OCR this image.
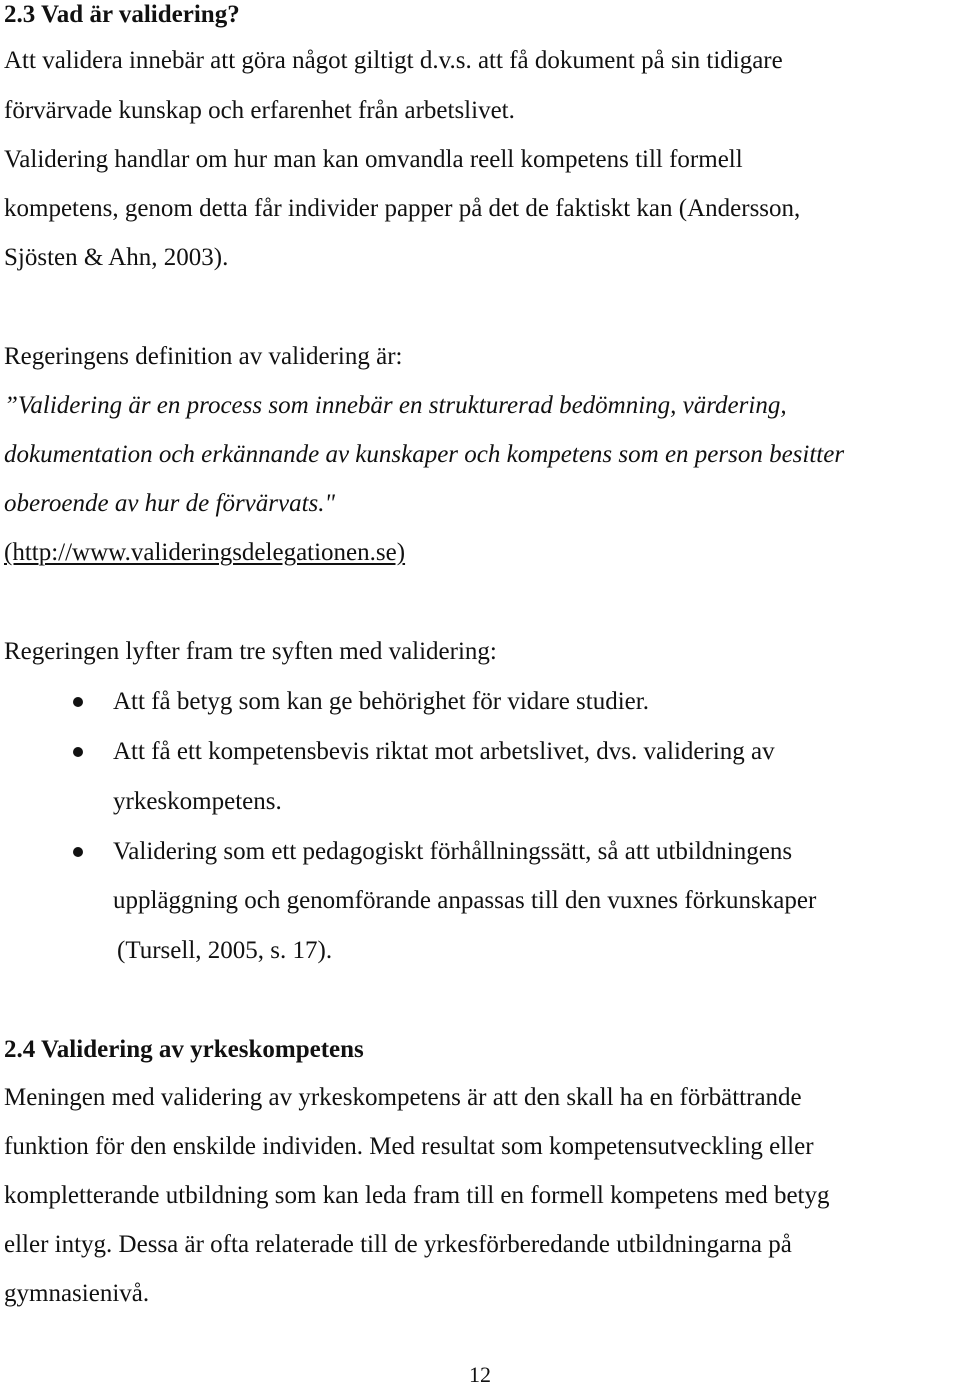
2.3 Vad är validering?
Att validera innebär att göra något giltigt d.v.s. att få dokument på sin tidigare
förvärvade kunskap och erfarenhet från arbetslivet.
Validering handlar om hur man kan omvandla reell kompetens till formell
kompetens, genom detta får individer papper på det de faktiskt kan (Andersson,
Sjösten & Ahn, 2003).
Regeringens definition av validering är:
”Validering är en process som innebär en strukturerad bedömning, värdering,
dokumentation och erkännande av kunskaper och kompetens som en person besitter
oberoende av hur de förvärvats."
(http://www.valideringsdelegationen.se)
Regeringen lyfter fram tre syften med validering:
Att få betyg som kan ge behörighet för vidare studier.
Att få ett kompetensbevis riktat mot arbetslivet, dvs. validering av
yrkeskompetens.
Validering som ett pedagogiskt förhållningssätt, så att utbildningens
uppläggning och genomförande anpassas till den vuxnes förkunskaper
(Tursell, 2005, s. 17).
2.4 Validering av yrkeskompetens
Meningen med validering av yrkeskompetens är att den skall ha en förbättrande
funktion för den enskilde individen. Med resultat som kompetensutveckling eller
kompletterande utbildning som kan leda fram till en formell kompetens med betyg
eller intyg. Dessa är ofta relaterade till de yrkesförberedande utbildningarna på
gymnasienivå.
12
